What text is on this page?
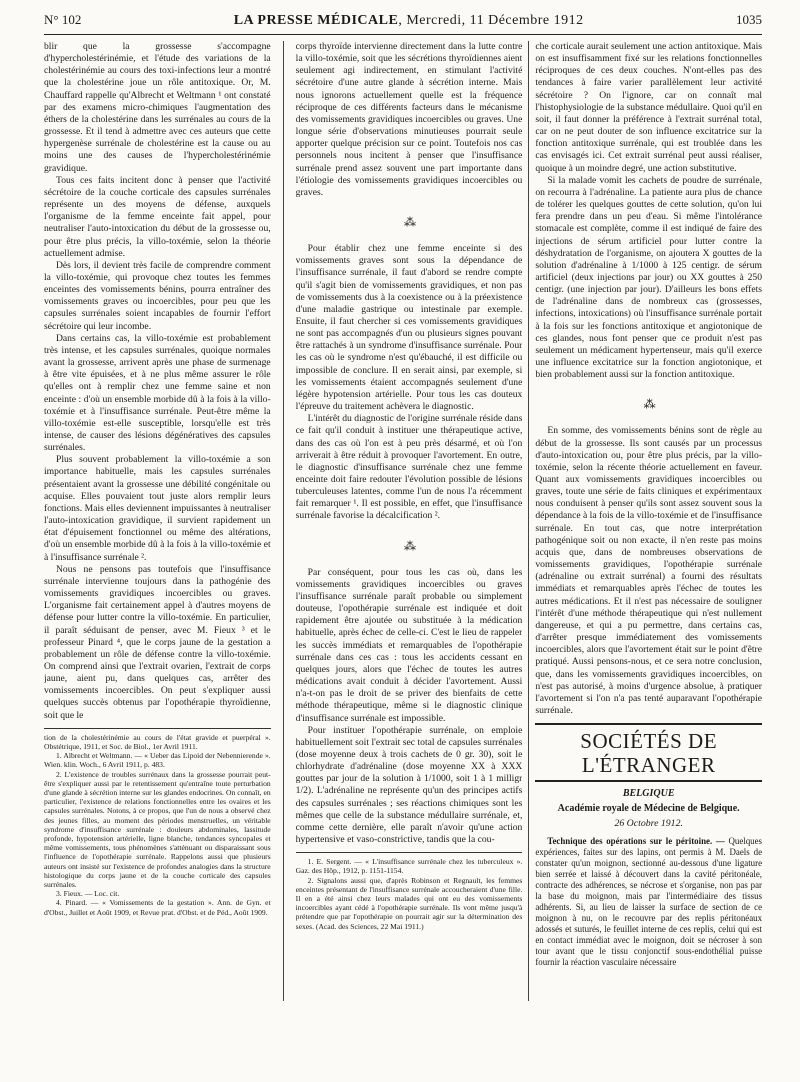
N° 102	LA PRESSE MÉDICALE, Mercredi, 11 Décembre 1912	1035

blir que la grossesse s'accompagne d'hypercholestérinémie, et l'étude des variations de la cholestérinémie au cours des toxi-infections leur a montré que la cholestérine joue un rôle antitoxique. Or, M. Chauffard rappelle qu'Albrecht et Weltmann ¹ ont constaté par des examens micro-chimiques l'augmentation des éthers de la cholestérine dans les surrénales au cours de la grossesse. Et il tend à admettre avec ces auteurs que cette hypergenèse surrénale de cholestérine est la cause ou au moins une des causes de l'hypercholestérinémie gravidique.

Tous ces faits incitent donc à penser que l'activité sécrétoire de la couche corticale des capsules surrénales représente un des moyens de défense, auxquels l'organisme de la femme enceinte fait appel, pour neutraliser l'auto-intoxication du début de la grossesse ou, pour être plus précis, la villo-toxémie, selon la théorie actuellement admise.

Dès lors, il devient très facile de comprendre comment la villo-toxémie, qui provoque chez toutes les femmes enceintes des vomissements bénins, pourra entraîner des vomissements graves ou incoercibles, pour peu que les capsules surrénales soient incapables de fournir l'effort sécrétoire qui leur incombe.

Dans certains cas, la villo-toxémie est probablement très intense, et les capsules surrénales, quoique normales avant la grossesse, arrivent après une phase de surmenage à être vite épuisées, et à ne plus même assurer le rôle qu'elles ont à remplir chez une femme saine et non enceinte : d'où un ensemble morbide dû à la fois à la villo-toxémie et à l'insuffisance surrénale. Peut-être même la villo-toxémie est-elle susceptible, lorsqu'elle est très intense, de causer des lésions dégénératives des capsules surrénales.

Plus souvent probablement la villo-toxémie a son importance habituelle, mais les capsules surrénales présentaient avant la grossesse une débilité congénitale ou acquise. Elles pouvaient tout juste alors remplir leurs fonctions. Mais elles deviennent impuissantes à neutraliser l'auto-intoxication gravidique, il survient rapidement un état d'épuisement fonctionnel ou même des altérations, d'où un ensemble morbide dû à la fois à la villo-toxémie et à l'insuffisance surrénale ².

Nous ne pensons pas toutefois que l'insuffisance surrénale intervienne toujours dans la pathogénie des vomissements gravidiques incoercibles ou graves. L'organisme fait certainement appel à d'autres moyens de défense pour lutter contre la villo-toxémie. En particulier, il paraît séduisant de penser, avec M. Fieux ³ et le professeur Pinard ⁴, que le corps jaune de la gestation a probablement un rôle de défense contre la villo-toxémie. On comprend ainsi que l'extrait ovarien, l'extrait de corps jaune, aient pu, dans quelques cas, arrêter des vomissements incoercibles. On peut s'expliquer aussi quelques succès obtenus par l'opothérapie thyroïdienne, soit que le

tion de la cholestérinémie au cours de l'état gravide et puerpéral ». Obstétrique, 1911, et Soc. de Biol., 1er Avril 1911.

1. Albrecht et Weltmann. — « Ueber das Lipoid der Nebennierende ». Wien. klin. Woch., 6 Avril 1911, p. 483.

2. L'existence de troubles surrénaux dans la grossesse pourrait peut-être s'expliquer aussi par le retentissement qu'entraîne toute perturbation d'une glande à sécrétion interne sur les glandes endocrines. On connaît, en particulier, l'existence de relations fonctionnelles entre les ovaires et les capsules surrénales. Notons, à ce propos, que l'un de nous a observé chez des jeunes filles, au moment des périodes menstruelles, un véritable syndrome d'insuffisance surrénale : douleurs abdominales, lassitude profonde, hypotension artérielle, ligne blanche, tendances syncopales et même vomissements, tous phénomènes s'atténuant ou disparaissant sous l'influence de l'opothérapie surrénale. Rappelons aussi que plusieurs auteurs ont insisté sur l'existence de profondes analogies dans la structure histologique du corps jaune et de la couche corticale des capsules surrénales.

3. Fieux. — Loc. cit.

4. Pinard. — « Vomissements de la gestation ». Ann. de Gyn. et d'Obst., Juillet et Août 1909, et Revue prat. d'Obst. et de Péd., Août 1909.

corps thyroïde intervienne directement dans la lutte contre la villo-toxémie, soit que les sécrétions thyroïdiennes aient seulement agi indirectement, en stimulant l'activité sécrétoire d'une autre glande à sécrétion interne. Mais nous ignorons actuellement quelle est la fréquence réciproque de ces différents facteurs dans le mécanisme des vomissements gravidiques incoercibles ou graves. Une longue série d'observations minutieuses pourrait seule apporter quelque précision sur ce point. Toutefois nos cas personnels nous incitent à penser que l'insuffisance surrénale prend assez souvent une part importante dans l'étiologie des vomissements gravidiques incoercibles ou graves.

⁂

Pour établir chez une femme enceinte si des vomissements graves sont sous la dépendance de l'insuffisance surrénale, il faut d'abord se rendre compte qu'il s'agit bien de vomissements gravidiques, et non pas de vomissements dus à la coexistence ou à la préexistence d'une maladie gastrique ou intestinale par exemple. Ensuite, il faut chercher si ces vomissements gravidiques ne sont pas accompagnés d'un ou plusieurs signes pouvant être rattachés à un syndrome d'insuffisance surrénale. Pour les cas où le syndrome n'est qu'ébauché, il est difficile ou impossible de conclure. Il en serait ainsi, par exemple, si les vomissements étaient accompagnés seulement d'une légère hypotension artérielle. Pour tous les cas douteux l'épreuve du traitement achèvera le diagnostic.

L'intérêt du diagnostic de l'origine surrénale réside dans ce fait qu'il conduit à instituer une thérapeutique active, dans des cas où l'on est à peu près désarmé, et où l'on arriverait à être réduit à provoquer l'avortement. En outre, le diagnostic d'insuffisance surrénale chez une femme enceinte doit faire redouter l'évolution possible de lésions tuberculeuses latentes, comme l'un de nous l'a récemment fait remarquer ¹. Il est possible, en effet, que l'insuffisance surrénale favorise la décalcification ².

⁂

Par conséquent, pour tous les cas où, dans les vomissements gravidiques incoercibles ou graves l'insuffisance surrénale paraît probable ou simplement douteuse, l'opothérapie surrénale est indiquée et doit rapidement être ajoutée ou substituée à la médication habituelle, après échec de celle-ci. C'est le lieu de rappeler les succès immédiats et remarquables de l'opothérapie surrénale dans ces cas : tous les accidents cessant en quelques jours, alors que l'échec de toutes les autres médications avait conduit à décider l'avortement. Aussi n'a-t-on pas le droit de se priver des bienfaits de cette méthode thérapeutique, même si le diagnostic clinique d'insuffisance surrénale est impossible.

Pour instituer l'opothérapie surrénale, on emploie habituellement soit l'extrait sec total de capsules surrénales (dose moyenne deux à trois cachets de 0 gr. 30), soit le chlorhydrate d'adrénaline (dose moyenne XX à XXX gouttes par jour de la solution à 1/1000, soit 1 à 1 milligr 1/2). L'adrénaline ne représente qu'un des principes actifs des capsules surrénales ; ses réactions chimiques sont les mêmes que celle de la substance médullaire surrénale, et, comme cette dernière, elle paraît n'avoir qu'une action hypertensive et vaso-constrictive, tandis que la cou-

1. E. Sergent. — « L'insuffisance surrénale chez les tuberculeux ». Gaz. des Hôp., 1912, p. 1151-1154.

2. Signalons aussi que, d'après Robinson et Regnault, les femmes enceintes présentant de l'insuffisance surrénale accoucheraient d'une fille. Il en a été ainsi chez leurs malades qui ont eu des vomissements incoercibles ayant cédé à l'opothérapie surrénale. Ils vont même jusqu'à prétendre que par l'opothérapie on pourrait agir sur la détermination des sexes. (Acad. des Sciences, 22 Mai 1911.)

che corticale aurait seulement une action antitoxique. Mais on est insuffisamment fixé sur les relations fonctionnelles réciproques de ces deux couches. N'ont-elles pas des tendances à faire varier parallèlement leur activité sécrétoire ? On l'ignore, car on connaît mal l'histophysiologie de la substance médullaire. Quoi qu'il en soit, il faut donner la préférence à l'extrait surrénal total, car on ne peut douter de son influence excitatrice sur la fonction antitoxique surrénale, qui est troublée dans les cas envisagés ici. Cet extrait surrénal peut aussi réaliser, quoique à un moindre degré, une action substitutive.

Si la malade vomit les cachets de poudre de surrénale, on recourra à l'adrénaline. La patiente aura plus de chance de tolérer les quelques gouttes de cette solution, qu'on lui fera prendre dans un peu d'eau. Si même l'intolérance stomacale est complète, comme il est indiqué de faire des injections de sérum artificiel pour lutter contre la déshydratation de l'organisme, on ajoutera X gouttes de la solution d'adrénaline à 1/1000 à 125 centigr. de sérum artificiel (deux injections par jour) ou XX gouttes à 250 centigr. (une injection par jour). D'ailleurs les bons effets de l'adrénaline dans de nombreux cas (grossesses, infections, intoxications) où l'insuffisance surrénale portait à la fois sur les fonctions antitoxique et angiotonique de ces glandes, nous font penser que ce produit n'est pas seulement un médicament hypertenseur, mais qu'il exerce une influence excitatrice sur la fonction angiotonique, et bien probablement aussi sur la fonction antitoxique.

⁂

En somme, des vomissements bénins sont de règle au début de la grossesse. Ils sont causés par un processus d'auto-intoxication ou, pour être plus précis, par la villo-toxémie, selon la récente théorie actuellement en faveur. Quant aux vomissements gravidiques incoercibles ou graves, toute une série de faits cliniques et expérimentaux nous conduisent à penser qu'ils sont assez souvent sous la dépendance à la fois de la villo-toxémie et de l'insuffisance surrénale. En tout cas, que notre interprétation pathogénique soit ou non exacte, il n'en reste pas moins acquis que, dans de nombreuses observations de vomissements gravidiques, l'opothérapie surrénale (adrénaline ou extrait surrénal) a fourni des résultats immédiats et remarquables après l'échec de toutes les autres médications. Et il n'est pas nécessaire de souligner l'intérêt d'une méthode thérapeutique qui n'est nullement dangereuse, et qui a pu permettre, dans certains cas, d'arrêter presque immédiatement des vomissements incoercibles, alors que l'avortement était sur le point d'être pratiqué. Aussi pensons-nous, et ce sera notre conclusion, que, dans les vomissements gravidiques incoercibles, on n'est pas autorisé, à moins d'urgence absolue, à pratiquer l'avortement si l'on n'a pas tenté auparavant l'opothérapie surrénale.

SOCIÉTÉS DE L'ÉTRANGER
BELGIQUE
Académie royale de Médecine de Belgique.
26 Octobre 1912.

Technique des opérations sur le péritoine. — Quelques expériences, faites sur des lapins, ont permis à M. Daels de constater qu'un moignon, sectionné au-dessous d'une ligature bien serrée et laissé à découvert dans la cavité péritonéale, contracte des adhérences, se nécrose et s'organise, non pas par la base du moignon, mais par l'intermédiaire des tissus adhérents. Si, au lieu de laisser la surface de section de ce moignon à nu, on le recouvre par des replis péritonéaux adossés et suturés, le feuillet interne de ces replis, celui qui est en contact immédiat avec le moignon, doit se nécroser à son tour avant que le tissu conjonctif sous-endothélial puisse fournir la réaction vasculaire nécessaire
